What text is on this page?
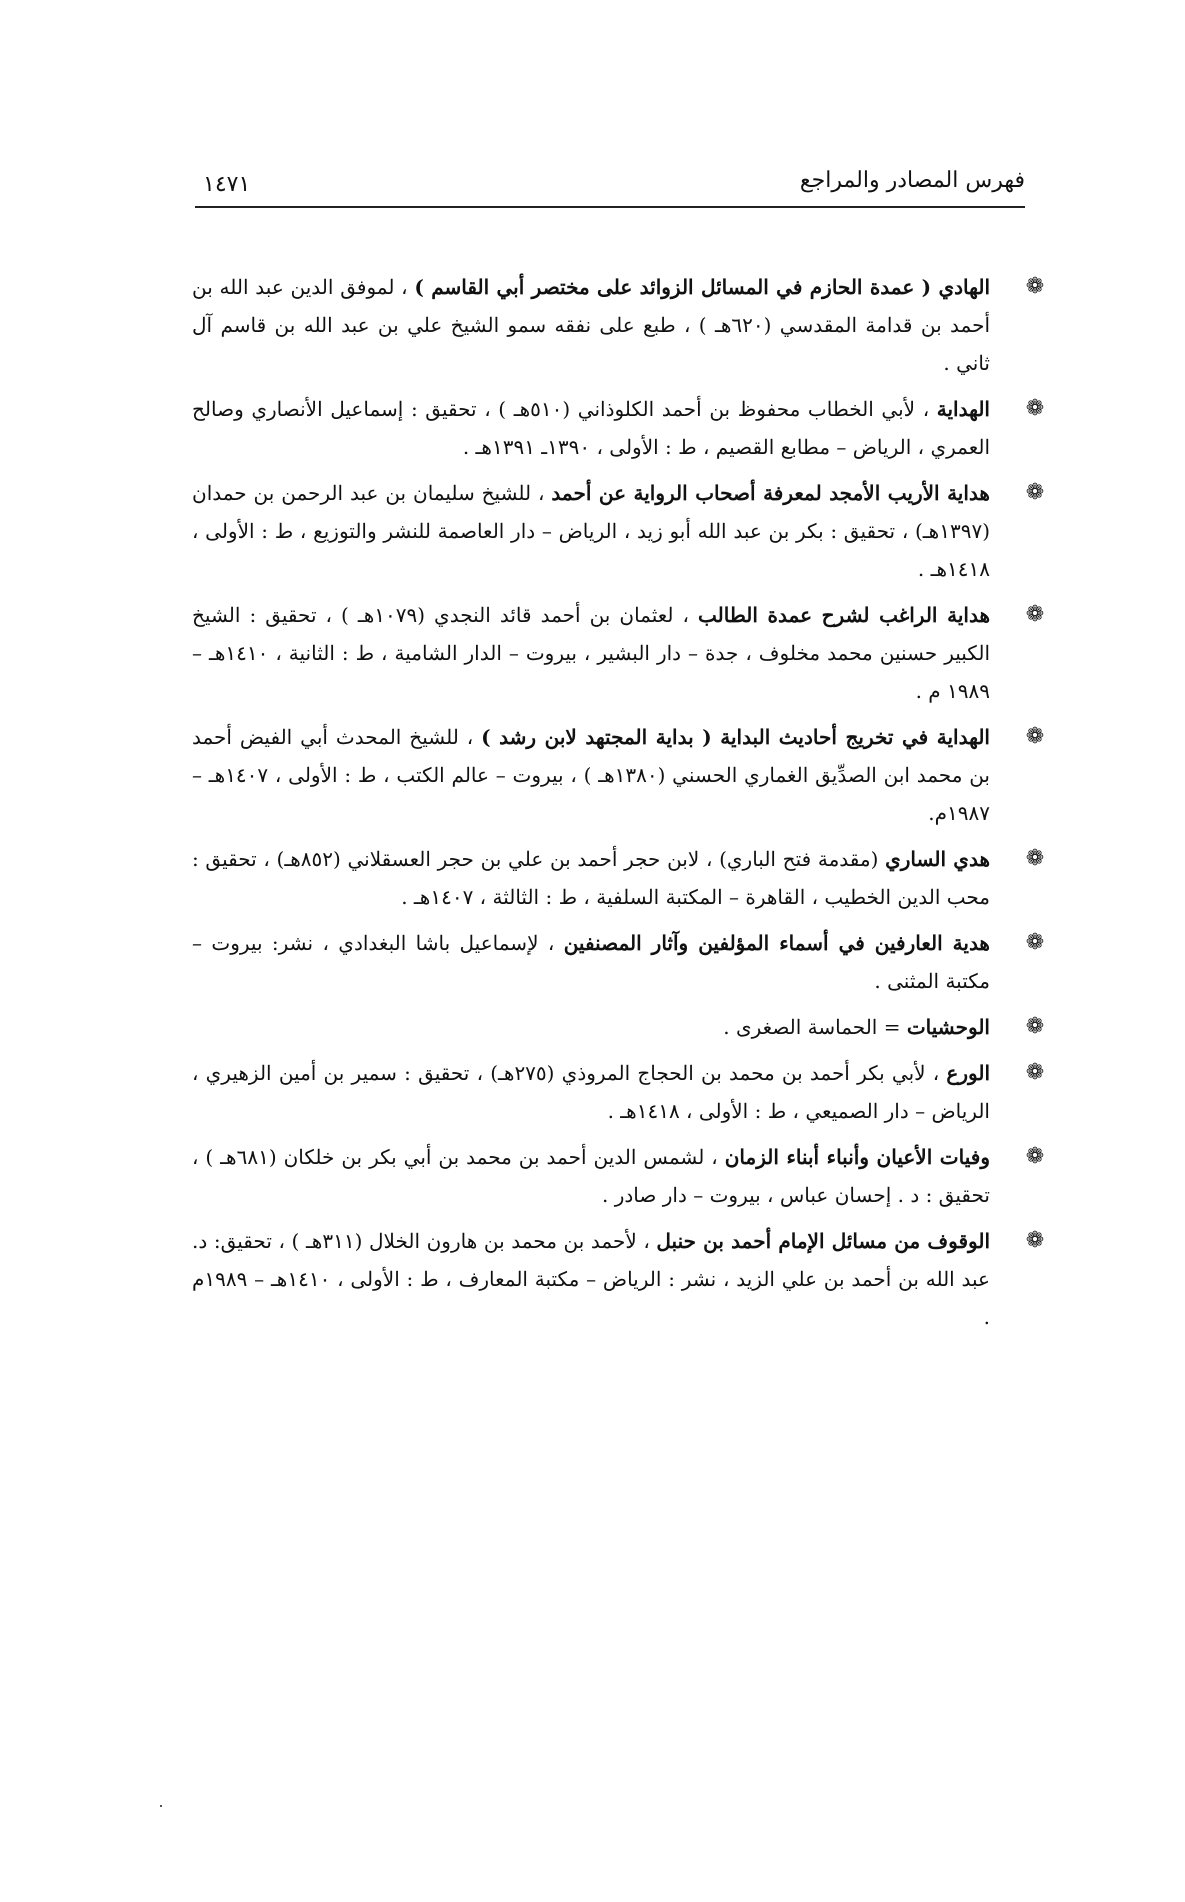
فهرس المصادر والمراجع
١٤٧١
❁
الهادي ( عمدة الحازم في المسائل الزوائد على مختصر أبي القاسم ) ، لموفق الدين عبد الله بن أحمد بن قدامة المقدسي (٦٢٠هـ ) ، طبع على نفقه سمو الشيخ علي بن عبد الله بن قاسم آل ثاني .
❁
الهداية ، لأبي الخطاب محفوظ بن أحمد الكلوذاني (٥١٠هـ ) ، تحقيق : إسماعيل الأنصاري وصالح العمري ، الرياض – مطابع القصيم ، ط : الأولى ، ١٣٩٠ـ ١٣٩١هـ .
❁
هداية الأريب الأمجد لمعرفة أصحاب الرواية عن أحمد ، للشيخ سليمان بن عبد الرحمن بن حمدان (١٣٩٧هـ) ، تحقيق : بكر بن عبد الله أبو زيد ، الرياض – دار العاصمة للنشر والتوزيع ، ط : الأولى ، ١٤١٨هـ .
❁
هداية الراغب لشرح عمدة الطالب ، لعثمان بن أحمد قائد النجدي (١٠٧٩هـ ) ، تحقيق : الشيخ الكبير حسنين محمد مخلوف ، جدة – دار البشير ، بيروت – الدار الشامية ، ط : الثانية ، ١٤١٠هـ – ١٩٨٩ م .
❁
الهداية في تخريج أحاديث البداية ( بداية المجتهد لابن رشد ) ، للشيخ المحدث أبي الفيض أحمد بن محمد ابن الصدِّيق الغماري الحسني (١٣٨٠هـ ) ، بيروت – عالم الكتب ، ط : الأولى ، ١٤٠٧هـ – ١٩٨٧م.
❁
هدي الساري (مقدمة فتح الباري) ، لابن حجر أحمد بن علي بن حجر العسقلاني (٨٥٢هـ) ، تحقيق : محب الدين الخطيب ، القاهرة – المكتبة السلفية ، ط : الثالثة ، ١٤٠٧هـ .
❁
هدية العارفين في أسماء المؤلفين وآثار المصنفين ، لإسماعيل باشا البغدادي ، نشر: بيروت – مكتبة المثنى .
❁
الوحشيات = الحماسة الصغرى .
❁
الورع ، لأبي بكر أحمد بن محمد بن الحجاج المروذي (٢٧٥هـ) ، تحقيق : سمير بن أمين الزهيري ، الرياض – دار الصميعي ، ط : الأولى ، ١٤١٨هـ .
❁
وفيات الأعيان وأنباء أبناء الزمان ، لشمس الدين أحمد بن محمد بن أبي بكر بن خلكان (٦٨١هـ ) ، تحقيق : د . إحسان عباس ، بيروت – دار صادر .
❁
الوقوف من مسائل الإمام أحمد بن حنبل ، لأحمد بن محمد بن هارون الخلال (٣١١هـ ) ، تحقيق: د. عبد الله بن أحمد بن علي الزيد ، نشر : الرياض – مكتبة المعارف ، ط : الأولى ، ١٤١٠هـ – ١٩٨٩م .
